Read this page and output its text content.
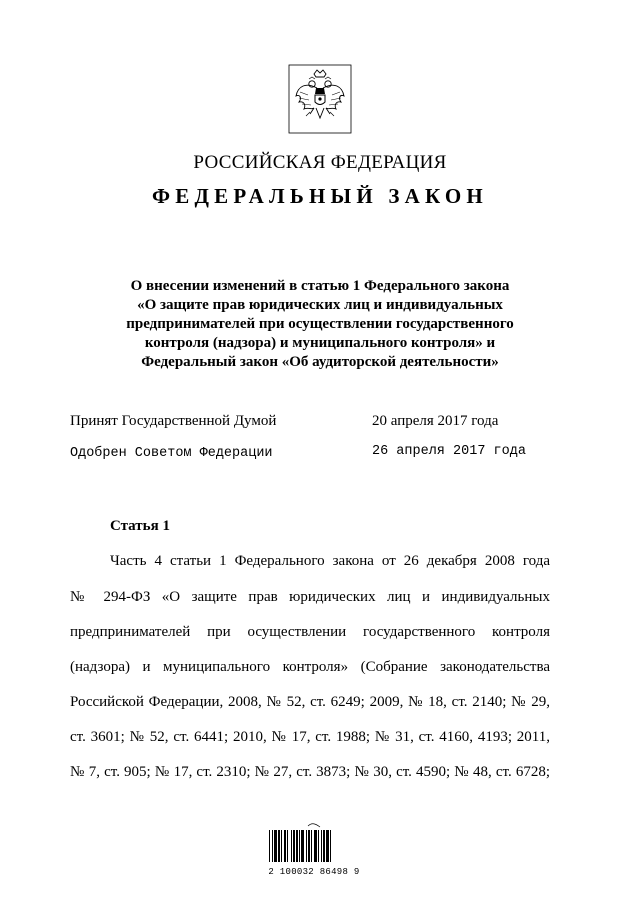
РОССИЙСКАЯ ФЕДЕРАЦИЯ
ФЕДЕРАЛЬНЫЙ ЗАКОН
О внесении изменений в статью 1 Федерального закона
«О защите прав юридических лиц и индивидуальных
предпринимателей при осуществлении государственного
контроля (надзора) и муниципального контроля» и
Федеральный закон «Об аудиторской деятельности»
Принят Государственной Думой	20 апреля 2017 года
Одобрен Советом Федерации	26 апреля 2017 года
Статья 1
Часть 4 статьи 1 Федерального закона от 26 декабря 2008 года
№ 294-ФЗ «О защите прав юридических лиц и индивидуальных
предпринимателей при осуществлении государственного контроля
(надзора) и муниципального контроля» (Собрание законодательства
Российской Федерации, 2008, № 52, ст. 6249; 2009, № 18, ст. 2140; № 29,
ст. 3601; № 52, ст. 6441; 2010, № 17, ст. 1988; № 31, ст. 4160, 4193; 2011,
№ 7, ст. 905; № 17, ст. 2310; № 27, ст. 3873; № 30, ст. 4590; № 48, ст. 6728;
2 100032 86498 9
